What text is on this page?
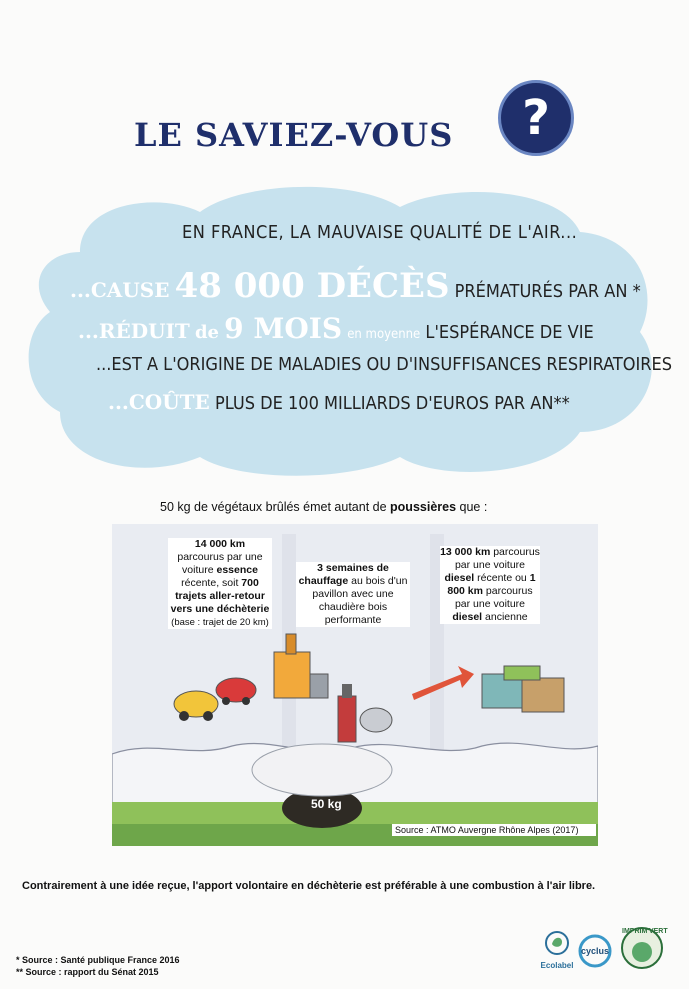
LE SAVIEZ-VOUS	?
EN FRANCE, LA MAUVAISE QUALITÉ DE L'AIR...
...CAUSE 48 000 DÉCÈS PRÉMATURÉS PAR AN *
...RÉDUIT de 9 MOIS en moyenne L'ESPÉRANCE DE VIE
...EST A L'ORIGINE DE MALADIES OU D'INSUFFISANCES RESPIRATOIRES
...COÛTE PLUS DE 100 MILLIARDS D'EUROS PAR AN**
50 kg de végétaux brûlés émet autant de poussières que :
14 000 km
parcourus par une voiture essence récente, soit 700 trajets aller-retour vers une déchèterie (base : trajet de 20 km)
3 semaines de chauffage au bois d'un pavillon avec une chaudière bois performante
13 000 km parcourus par une voiture diesel récente ou 1 800 km parcourus par une voiture diesel ancienne
50 kg
Source : ATMO Auvergne Rhône Alpes (2017)
Contrairement à une idée reçue, l'apport volontaire en déchèterie est préférable à une combustion à l'air libre.
* Source : Santé publique France 2016
** Source : rapport du Sénat 2015
Ecolabel
cyclus
IMPRIM'VERT
